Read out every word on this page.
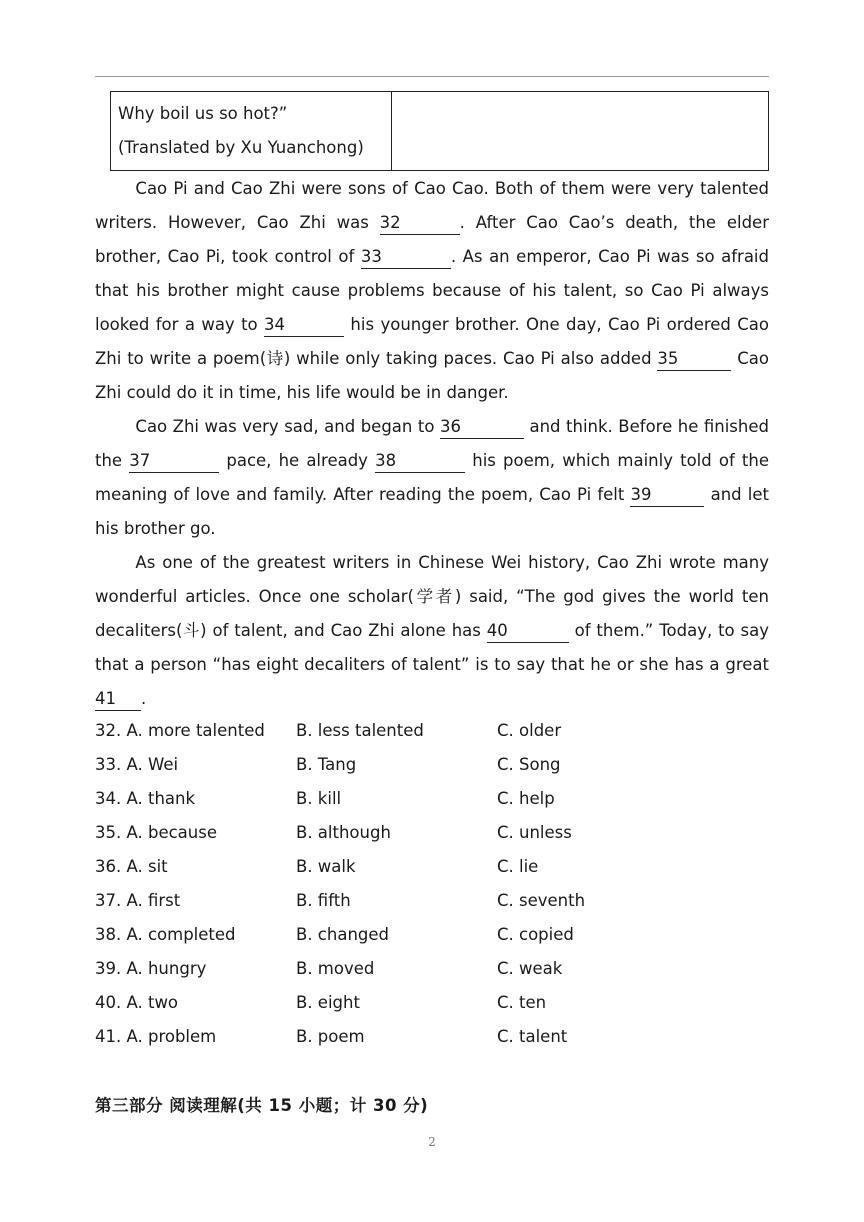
Why boil us so hot?”
(Translated by Xu Yuanchong)

Cao Pi and Cao Zhi were sons of Cao Cao. Both of them were very talented writers. However, Cao Zhi was 32	. After Cao Cao’s death, the elder brother, Cao Pi, took control of 33	. As an emperor, Cao Pi was so afraid that his brother might cause problems because of his talent, so Cao Pi always looked for a way to 34	his younger brother. One day, Cao Pi ordered Cao Zhi to write a poem(诗) while only taking paces. Cao Pi also added 35	Cao Zhi could do it in time, his life would be in danger.

Cao Zhi was very sad, and began to 36	and think. Before he finished the 37	pace, he already 38	his poem, which mainly told of the meaning of love and family. After reading the poem, Cao Pi felt 39	and let his brother go.

As one of the greatest writers in Chinese Wei history, Cao Zhi wrote many wonderful articles. Once one scholar(学者) said, “The god gives the world ten decaliters(斗) of talent, and Cao Zhi alone has 40	of them.” Today, to say that a person “has eight decaliters of talent” is to say that he or she has a great 41 .

32. A. more talented B. less talented	C. older
33. A. Wei	B. Tang	C. Song
34. A. thank	B. kill	C. help
35. A. because	B. although	C. unless
36. A. sit	B. walk	C. lie
37. A. first	B. fifth	C. seventh
38. A. completed	B. changed	C. copied
39. A. hungry	B. moved	C. weak
40. A. two	B. eight	C. ten
41. A. problem	B. poem	C. talent
第三部分 阅读理解(共 15 小题；计 30 分)
2
